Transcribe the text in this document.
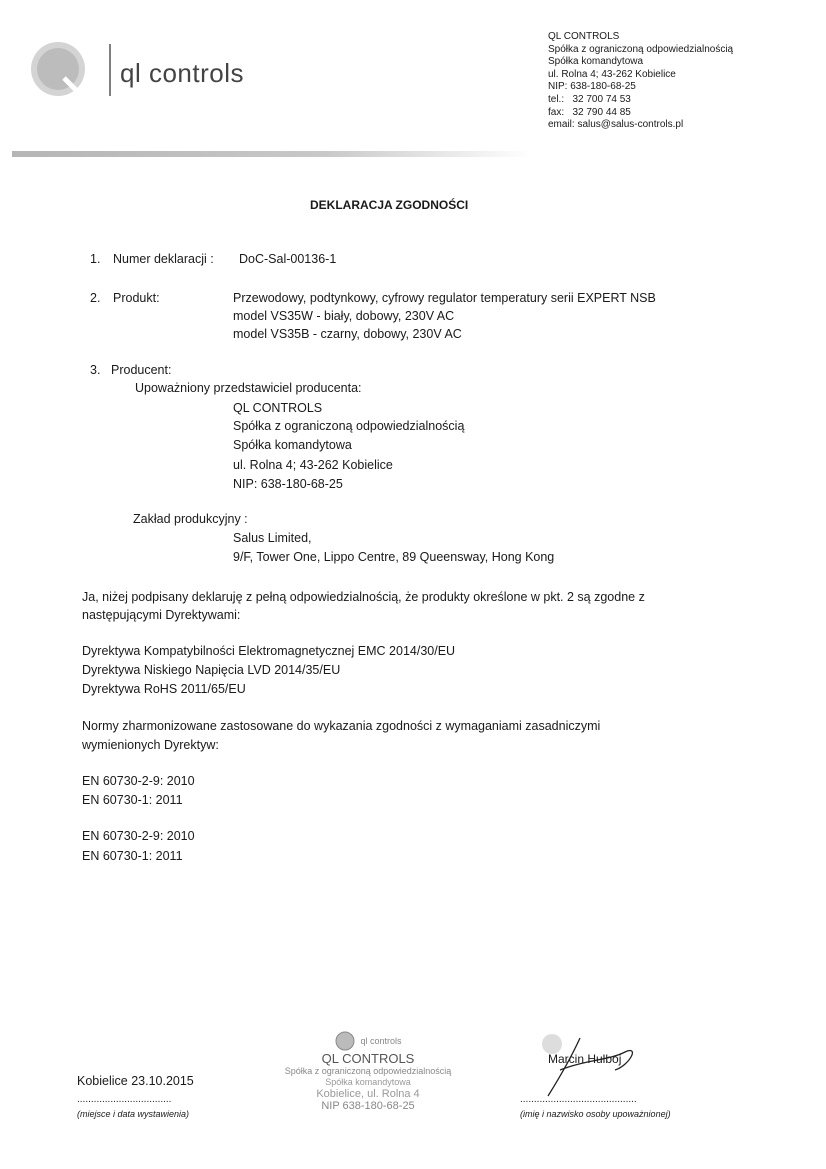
ql controls
QL CONTROLS
Spółka z ograniczoną odpowiedzialnością
Spółka komandytowa
ul. Rolna 4; 43-262 Kobielice
NIP: 638-180-68-25
tel.:   32 700 74 53
fax:   32 790 44 85
email: salus@salus-controls.pl
DEKLARACJA ZGODNOŚCI
1. Numer deklaracji : DoC-Sal-00136-1
2. Produkt:	Przewodowy, podtynkowy, cyfrowy regulator temperatury serii EXPERT NSB
model VS35W - biały, dobowy, 230V AC
model VS35B - czarny, dobowy, 230V AC
3. Producent:
Upoważniony przedstawiciel producenta:
QL CONTROLS
Spółka z ograniczoną odpowiedzialnością
Spółka komandytowa
ul. Rolna 4; 43-262 Kobielice
NIP: 638-180-68-25
Zakład produkcyjny :
Salus Limited,
9/F, Tower One, Lippo Centre, 89 Queensway, Hong Kong
Ja, niżej podpisany deklaruję z pełną odpowiedzialnością, że produkty określone w pkt. 2 są zgodne z
następującymi Dyrektywami:
Dyrektywa Kompatybilności Elektromagnetycznej EMC 2014/30/EU
Dyrektywa Niskiego Napięcia LVD 2014/35/EU
Dyrektywa RoHS 2011/65/EU
Normy zharmonizowane zastosowane do wykazania zgodności z wymaganiami zasadniczymi
wymienionych Dyrektyw:
EN 60730-2-9: 2010
EN 60730-1: 2011
EN 60730-2-9: 2010
EN 60730-1: 2011
Kobielice 23.10.2015
..................................
(miejsce i data wystawienia)
ql controls
QL CONTROLS
Spółka z ograniczoną odpowiedzialnością
Spółka komandytowa
Kobielice, ul. Rolna 4
NIP 638-180-68-25
Marcin Hulboj
..........................................
(imię i nazwisko osoby upoważnionej)
